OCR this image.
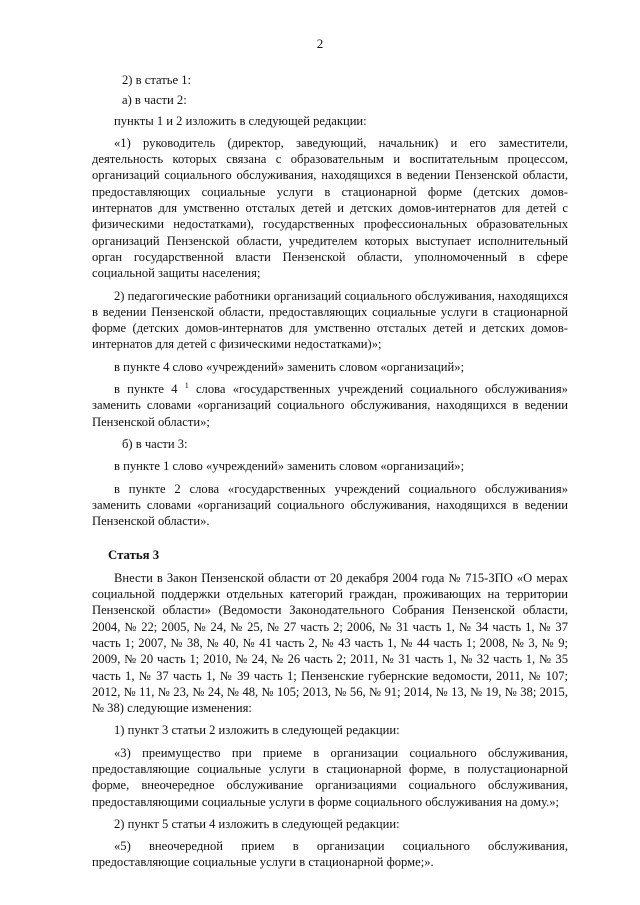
2

2) в статье 1:

а) в части 2:

пункты 1 и 2 изложить в следующей редакции:

«1) руководитель (директор, заведующий, начальник) и его заместители, деятельность которых связана с образовательным и воспитательным процессом, организаций социального обслуживания, находящихся в ведении Пензенской области, предоставляющих социальные услуги в стационарной форме (детских домов-интернатов для умственно отсталых детей и детских домов-интернатов для детей с физическими недостатками), государственных профессиональных образовательных организаций Пензенской области, учредителем которых выступает исполнительный орган государственной власти Пензенской области, уполномоченный в сфере социальной защиты населения;

2) педагогические работники организаций социального обслуживания, находящихся в ведении Пензенской области, предоставляющих социальные услуги в стационарной форме (детских домов-интернатов для умственно отсталых детей и детских домов-интернатов для детей с физическими недостатками)»;

в пункте 4 слово «учреждений» заменить словом «организаций»;

в пункте 4 $^1$ слова «государственных учреждений социального обслуживания» заменить словами «организаций социального обслуживания, находящихся в ведении Пензенской области»;

б) в части 3:

в пункте 1 слово «учреждений» заменить словом «организаций»;

в пункте 2 слова «государственных учреждений социального обслуживания» заменить словами «организаций социального обслуживания, находящихся в ведении Пензенской области».

Статья 3

Внести в Закон Пензенской области от 20 декабря 2004 года № 715-ЗПО «О мерах социальной поддержки отдельных категорий граждан, проживающих на территории Пензенской области» (Ведомости Законодательного Собрания Пензенской области, 2004, № 22; 2005, № 24, № 25, № 27 часть 2; 2006, № 31 часть 1, № 34 часть 1, № 37 часть 1; 2007, № 38, № 40, № 41 часть 2, № 43 часть 1, № 44 часть 1; 2008, № 3, № 9; 2009, № 20 часть 1; 2010, № 24, № 26 часть 2; 2011, № 31 часть 1, № 32 часть 1, № 35 часть 1, № 37 часть 1, № 39 часть 1; Пензенские губернские ведомости, 2011, № 107; 2012, № 11, № 23, № 24, № 48, № 105; 2013, № 56, № 91; 2014, № 13, № 19, № 38; 2015, № 38) следующие изменения:

1) пункт 3 статьи 2 изложить в следующей редакции:

«3) преимущество при приеме в организации социального обслуживания, предоставляющие социальные услуги в стационарной форме, в полустационарной форме, внеочередное обслуживание организациями социального обслуживания, предоставляющими социальные услуги в форме социального обслуживания на дому.»;

2) пункт 5 статьи 4 изложить в следующей редакции:

«5) внеочередной прием в организации социального обслуживания, предоставляющие социальные услуги в стационарной форме;».
